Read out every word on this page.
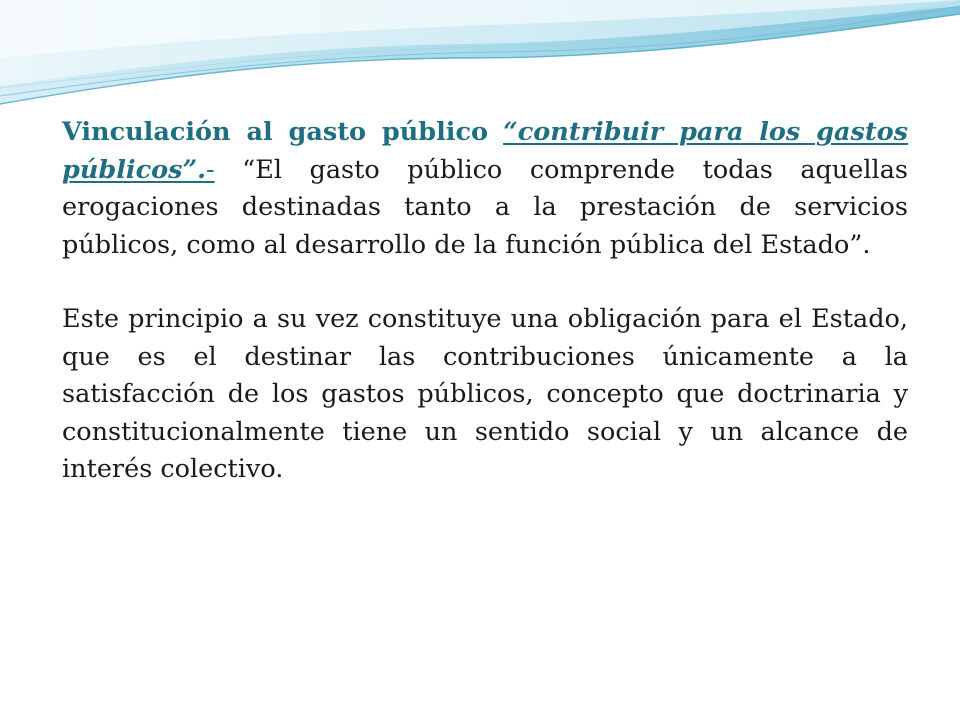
Vinculación al gasto público “contribuir para los gastos públicos”.- “El gasto público comprende todas aquellas erogaciones destinadas tanto a la prestación de servicios públicos, como al desarrollo de la función pública del Estado”.

Este principio a su vez constituye una obligación para el Estado, que es el destinar las contribuciones únicamente a la satisfacción de los gastos públicos, concepto que doctrinaria y constitucionalmente tiene un sentido social y un alcance de interés colectivo.
